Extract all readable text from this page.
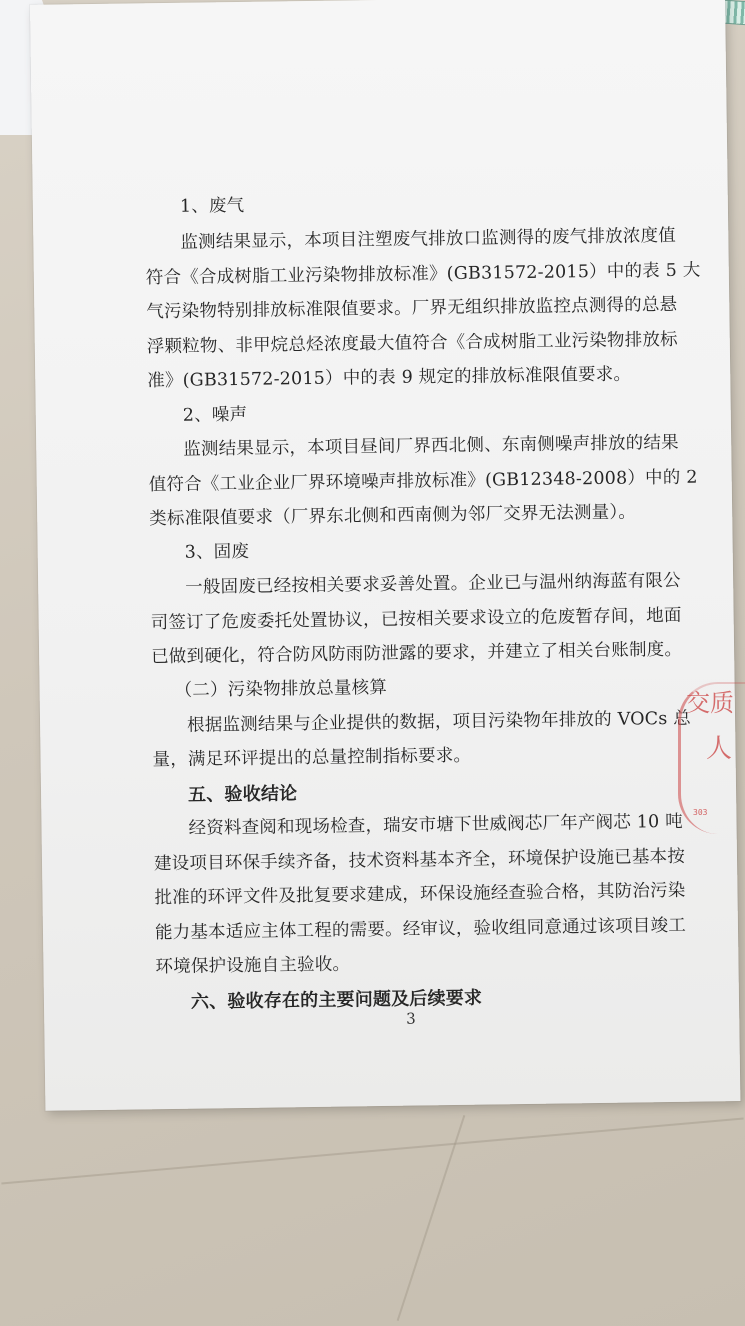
1、废气

监测结果显示，本项目注塑废气排放口监测得的废气排放浓度值

符合《合成树脂工业污染物排放标准》(GB31572-2015）中的表 5 大

气污染物特别排放标准限值要求。厂界无组织排放监控点测得的总悬

浮颗粒物、非甲烷总烃浓度最大值符合《合成树脂工业污染物排放标

准》(GB31572-2015）中的表 9 规定的排放标准限值要求。

2、噪声

监测结果显示，本项目昼间厂界西北侧、东南侧噪声排放的结果

值符合《工业企业厂界环境噪声排放标准》(GB12348-2008）中的 2

类标准限值要求（厂界东北侧和西南侧为邻厂交界无法测量）。

3、固废

一般固废已经按相关要求妥善处置。企业已与温州纳海蓝有限公

司签订了危废委托处置协议，已按相关要求设立的危废暂存间，地面

已做到硬化，符合防风防雨防泄露的要求，并建立了相关台账制度。

（二）污染物排放总量核算

根据监测结果与企业提供的数据，项目污染物年排放的 VOCs 总

量，满足环评提出的总量控制指标要求。

五、验收结论

经资料查阅和现场检查，瑞安市塘下世威阀芯厂年产阀芯 10 吨

建设项目环保手续齐备，技术资料基本齐全，环境保护设施已基本按

批准的环评文件及批复要求建成，环保设施经查验合格，其防治污染

能力基本适应主体工程的需要。经审议，验收组同意通过该项目竣工

环境保护设施自主验收。

六、验收存在的主要问题及后续要求

3
交质
人
303
